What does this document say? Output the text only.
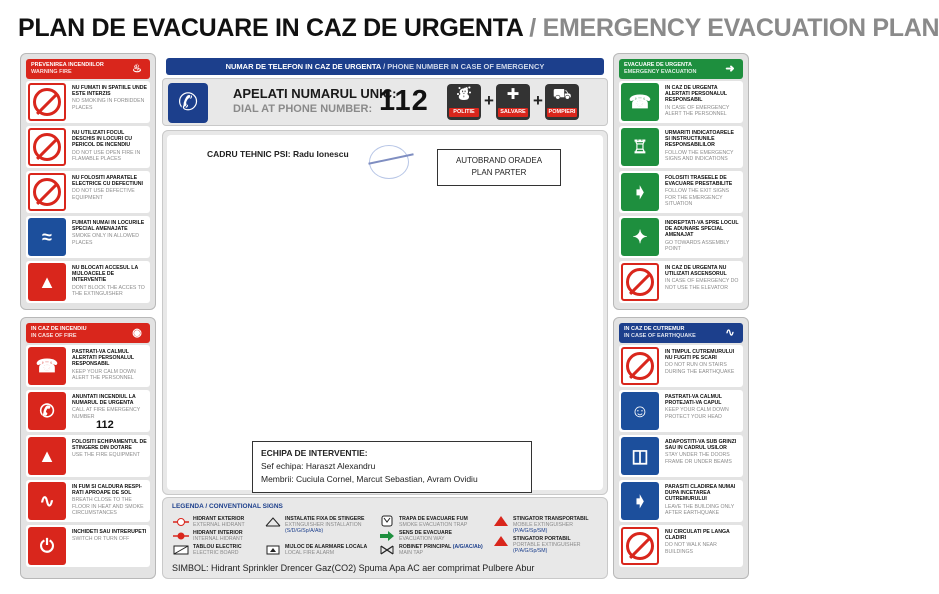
PLAN DE EVACUARE IN CAZ DE URGENTA / EMERGENCY EVACUATION PLAN
PREVENIREA INCENDIILOR
WARNING FIRE	♨
NU FUMATI IN SPATIILE UNDE ESTE INTERZIS
NO SMOKING IN FORBIDDEN PLACES
NU UTILIZATI FOCUL DESCHIS IN LOCURI CU PERICOL DE INCENDIU
DO NOT USE OPEN FIRE IN FLAMABLE PLACES
NU FOLOSITI APARATELE ELECTRICE CU DEFECTIUNI
DO NOT USE DEFECTIVE EQUIPMENT
≈
FUMATI NUMAI IN LOCURILE SPECIAL AMENAJATE
SMOKE ONLY IN ALLOWED PLACES
▲
NU BLOCATI ACCESUL LA MIJLOACELE DE INTERVENTIE
DONT BLOCK THE ACCES TO THE EXTINGUISHER
IN CAZ DE INCENDIU
IN CASE OF FIRE	◉
☎
PASTRATI-VA CALMUL ALERTATI PERSONALUL RESPONSABIL
KEEP YOUR CALM DOWN ALERT THE PERSONNEL
✆
ANUNTATI INCENDIUL LA NUMARUL DE URGENTA
CALL AT FIRE EMERGENCY NUMBER
112
▲
FOLOSITI ECHIPAMENTUL DE STINGERE DIN DOTARE
USE THE FIRE EQUIPMENT
∿
IN FUM SI CALDURA RESPI- RATI APROAPE DE SOL
BREATH CLOSE TO THE FLOOR IN HEAT AND SMOKE CIRCUMSTANCES
⏻
INCHIDETI SAU INTRERUPETI
SWITCH OR TURN OFF
NUMAR DE TELEFON IN CAZ DE URGENTA / PHONE NUMBER IN CASE OF EMERGENCY
✆	APELATI NUMARUL UNIC:
DIAL AT PHONE NUMBER: 112	⛇
POLITIE
+ ✚
SALVARE
+ ⛟
POMPIERI
CADRU TEHNIC PSI: Radu Ionescu
AUTOBRAND ORADEA
PLAN PARTER
ECHIPA DE INTERVENTIE:
Sef echipa: Haraszt Alexandru
Membrii: Cuciula Cornel, Marcut Sebastian, Avram Ovidiu
LEGENDA / CONVENTIONAL SIGNS
HIDRANT EXTERIOR
EXTERNAL HIDRANT
HIDRANT INTERIOR
INTERNAL HIDRANT
TABLOU ELECTRIC
ELECTRIC BOARD
INSTALATIE FIXA DE STINGERE
EXTINGUISHER INSTALLATION
(S/D/G/Sp/A/Ab)
MIJLOC DE ALARMARE LOCALA
LOCAL FIRE ALARM
TRAPA DE EVACUARE FUM
SMOKE EVACUATION TRAP
SENS DE EVACUARE
EVACUATION WAY
ROBINET PRINCIPAL (A/G/AC/Ab)
MAIN TAP
STINGATOR TRANSPORTABIL
MOBILE EXTINGUISHER
(P/A/G/Sp/SM)
STINGATOR PORTABIL
PORTABLE EXTINGUISHER
(P/A/G/Sp/SM)
SIMBOL: Hidrant Sprinkler Drencer Gaz(CO2) Spuma Apa AC aer comprimat Pulbere Abur
EVACUARE DE URGENTA
EMERGENCY EVACUATION	➜
☎
IN CAZ DE URGENTA ALERTATI PERSONALUL RESPONSABIL
IN CASE OF EMERGENCY ALERT THE PERSONNEL
♖
URMARITI INDICATOARELE SI INSTRUCTIUNILE RESPONSABILILOR
FOLLOW THE EMERGENCY SIGNS AND INDICATIONS
➧
FOLOSITI TRASEELE DE EVACUARE PRESTABILITE
FOLLOW THE EXIT SIGNS FOR THE EMERGENCY SITUATION
✦
INDREPTATI-VA SPRE LOCUL DE ADUNARE SPECIAL AMENAJAT
GO TOWARDS ASSEMBLY POINT
IN CAZ DE URGENTA NU UTILIZATI ASCENSORUL
IN CASE OF EMERGENCY DO NOT USE THE ELEVATOR
IN CAZ DE CUTREMUR
IN CASE OF EARTHQUAKE	∿
IN TIMPUL CUTREMURULUI NU FUGITI PE SCARI
DO NOT RUN ON STAIRS DURING THE EARTHQUAKE
☺
PASTRATI-VA CALMUL PROTEJATI-VA CAPUL
KEEP YOUR CALM DOWN PROTECT YOUR HEAD
◫
ADAPOSTITI-VA SUB GRINZI SAU IN CADRUL USILOR
STAY UNDER THE DOORS FRAME OR UNDER BEAMS
➧
PARASITI CLADIREA NUMAI DUPA INCETAREA CUTREMURULUI
LEAVE THE BUILDING ONLY AFTER EARTHQUAKE
NU CIRCULATI PE LANGA CLADIRI
DO NOT WALK NEAR BUILDINGS
